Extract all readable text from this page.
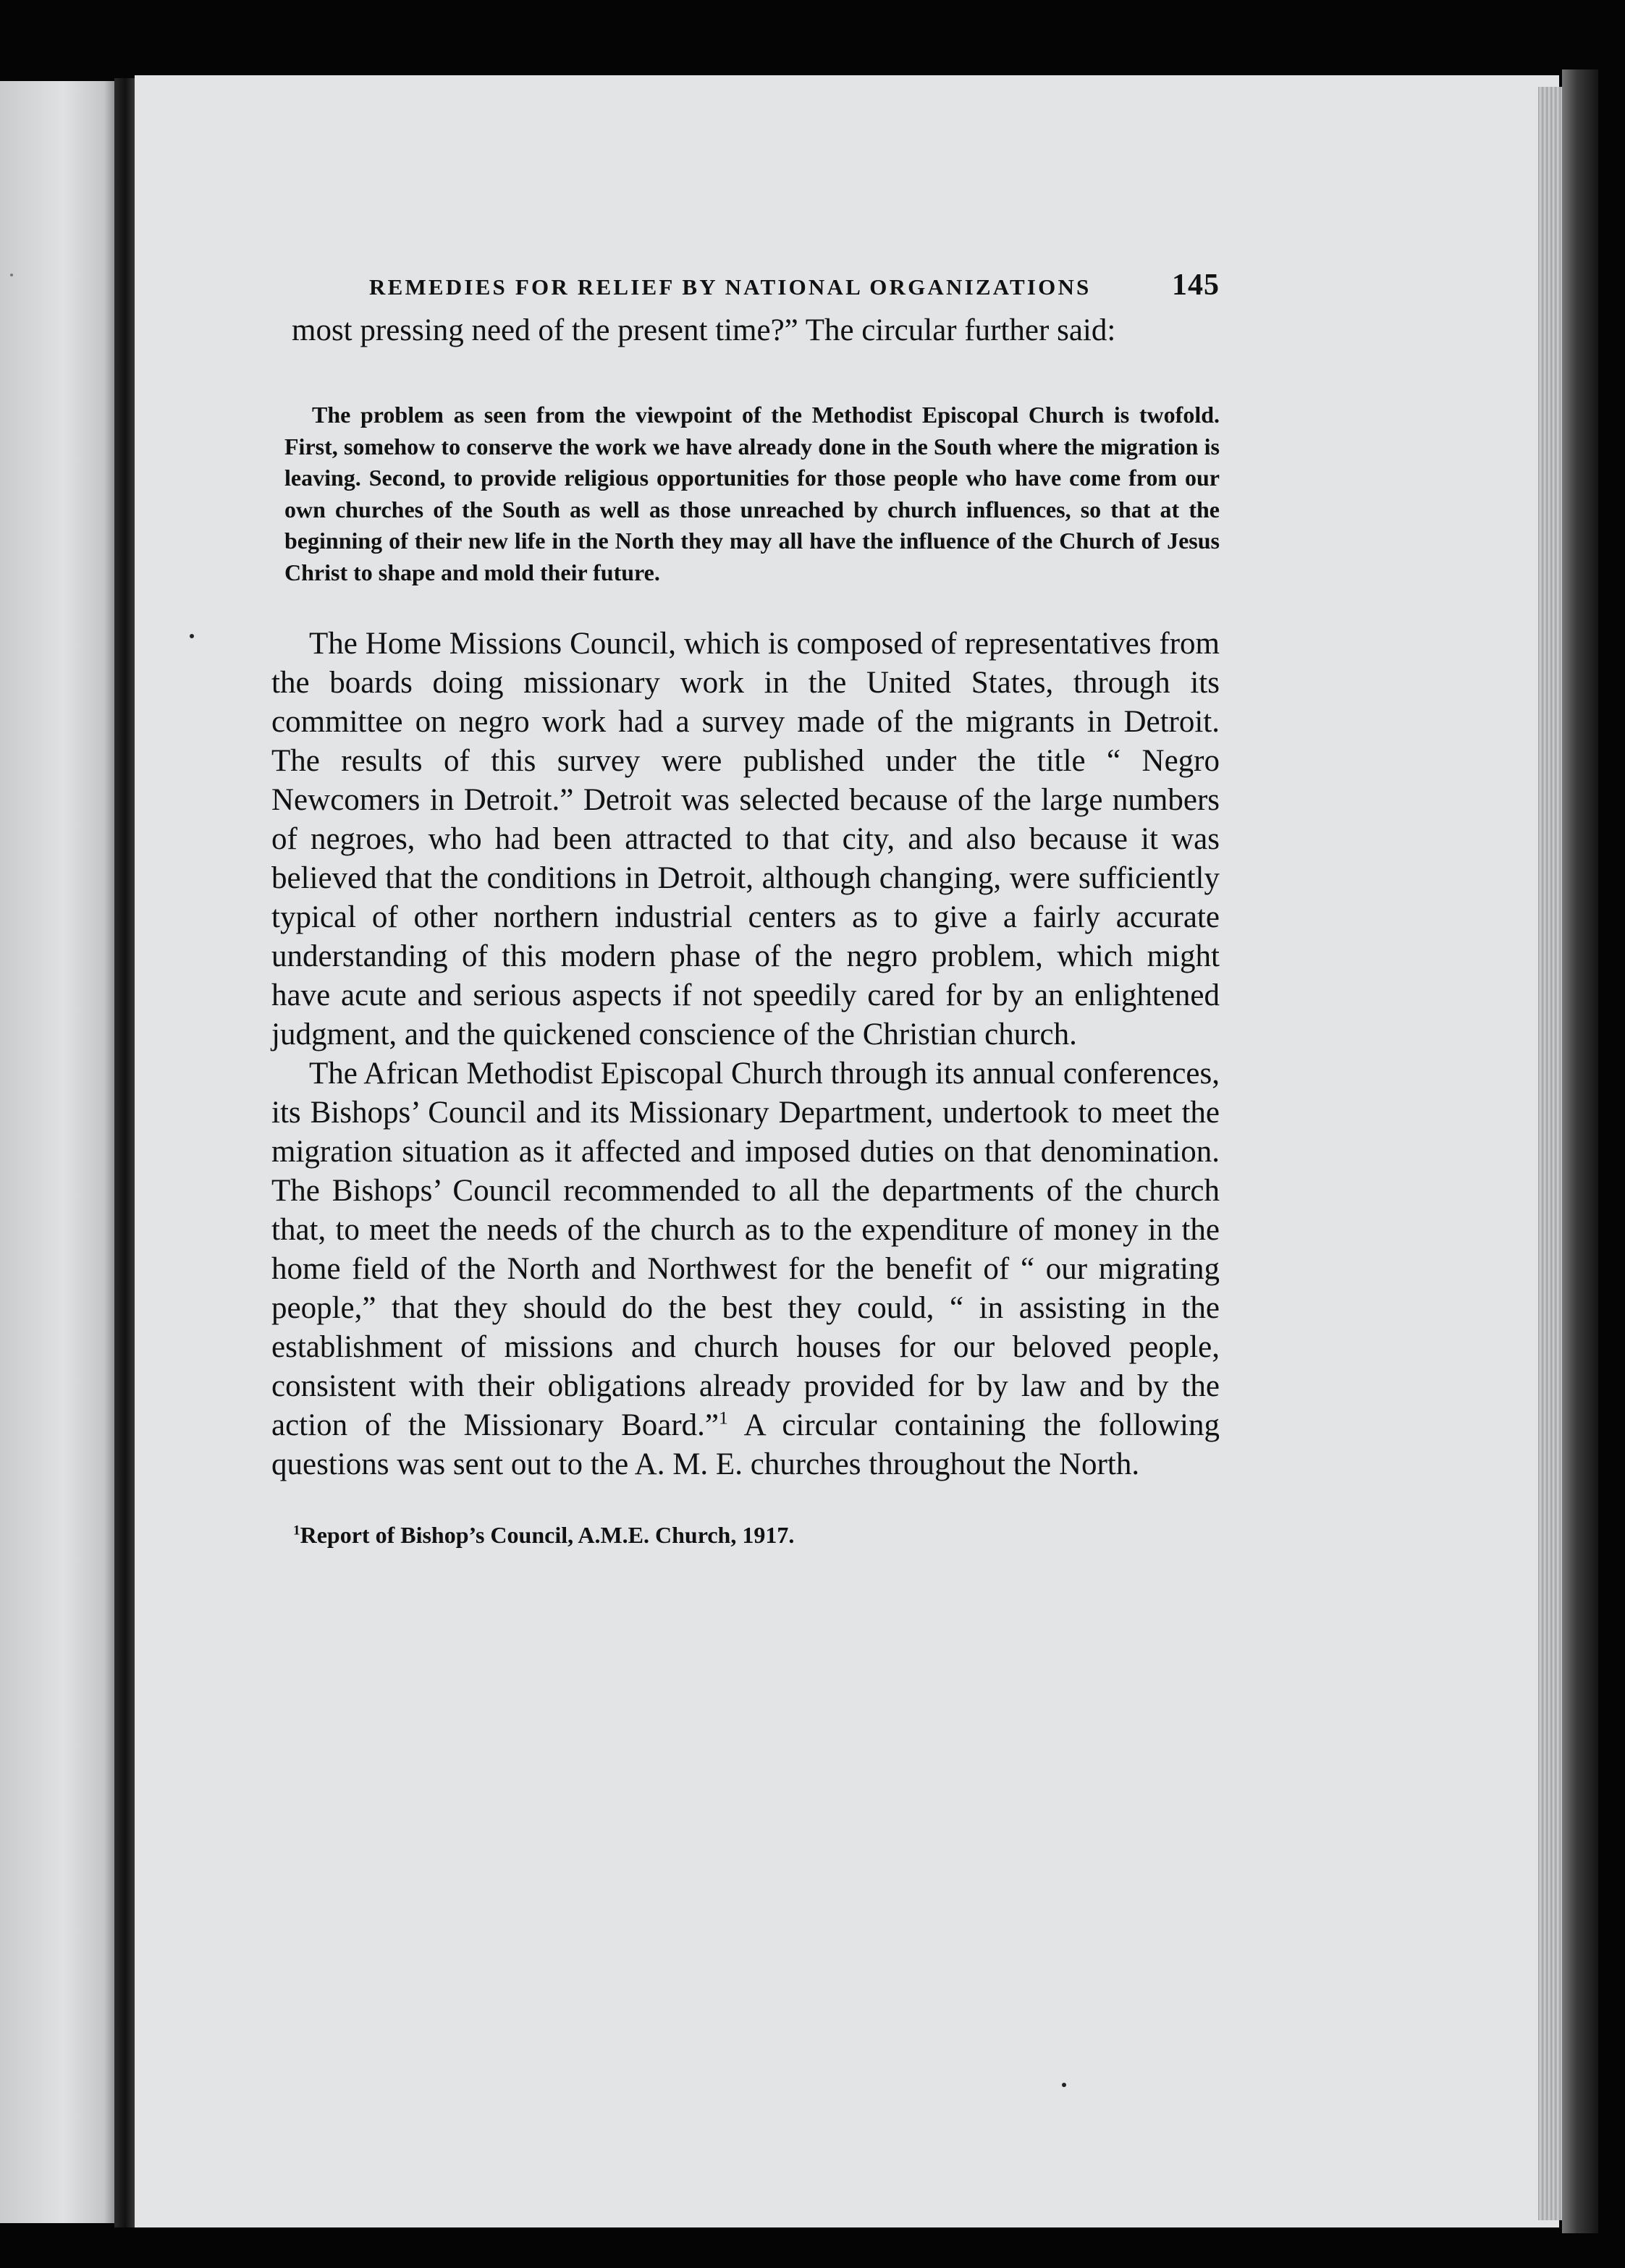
REMEDIES FOR RELIEF BY NATIONAL ORGANIZATIONS	145

most pressing need of the present time?” The circular further said:

The problem as seen from the viewpoint of the Methodist Episcopal Church is twofold. First, somehow to conserve the work we have already done in the South where the migration is leaving. Second, to provide religious opportunities for those people who have come from our own churches of the South as well as those unreached by church influences, so that at the beginning of their new life in the North they may all have the influence of the Church of Jesus Christ to shape and mold their future.

The Home Missions Council, which is composed of representatives from the boards doing missionary work in the United States, through its committee on negro work had a survey made of the migrants in Detroit. The results of this survey were published under the title “ Negro Newcomers in Detroit.” Detroit was selected because of the large numbers of negroes, who had been attracted to that city, and also because it was believed that the conditions in Detroit, although changing, were sufficiently typical of other northern industrial centers as to give a fairly accurate understanding of this modern phase of the negro problem, which might have acute and serious aspects if not speedily cared for by an enlightened judgment, and the quickened conscience of the Christian church.

The African Methodist Episcopal Church through its annual conferences, its Bishops’ Council and its Missionary Department, undertook to meet the migration situation as it affected and imposed duties on that denomination. The Bishops’ Council recommended to all the departments of the church that, to meet the needs of the church as to the expenditure of money in the home field of the North and Northwest for the benefit of “ our migrating people,” that they should do the best they could, “ in assisting in the establishment of missions and church houses for our beloved people, consistent with their obligations already provided for by law and by the action of the Missionary Board.”$^1$ A circular containing the following questions was sent out to the A. M. E. churches throughout the North.

$^1$Report of Bishop’s Council, A.M.E. Church, 1917.
